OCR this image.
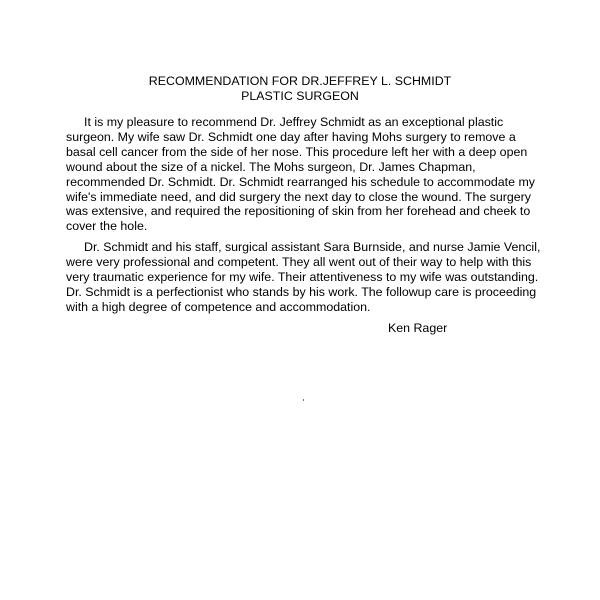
RECOMMENDATION FOR DR.JEFFREY L. SCHMIDT
PLASTIC SURGEON
It is my pleasure to recommend Dr. Jeffrey Schmidt as an exceptional plastic
surgeon. My wife saw Dr. Schmidt one day after having Mohs surgery to remove a
basal cell cancer from the side of her nose. This procedure left her with a deep open
wound about the size of a nickel. The Mohs surgeon, Dr. James Chapman,
recommended Dr. Schmidt. Dr. Schmidt rearranged his schedule to accommodate my
wife's immediate need, and did surgery the next day to close the wound. The surgery
was extensive, and required the repositioning of skin from her forehead and cheek to
cover the hole.
Dr. Schmidt and his staff, surgical assistant Sara Burnside, and nurse Jamie Vencil,
were very professional and competent. They all went out of their way to help with this
very traumatic experience for my wife. Their attentiveness to my wife was outstanding.
Dr. Schmidt is a perfectionist who stands by his work. The followup care is proceeding
with a high degree of competence and accommodation.
Ken Rager
